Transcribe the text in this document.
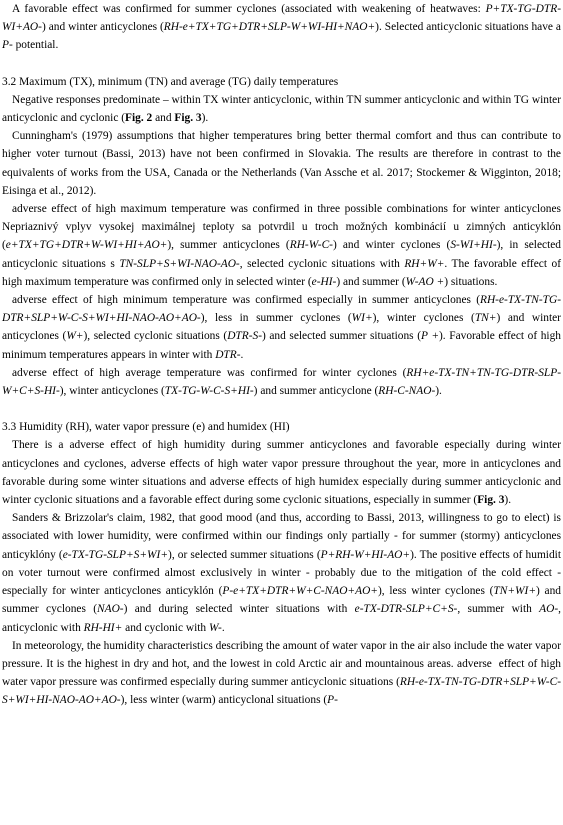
A favorable effect was confirmed for summer cyclones (associated with weakening of heatwaves: P+TX-TG-DTR-WI+AO-) and winter anticyclones (RH-e+TX+TG+DTR+SLP-W+WI-HI+NAO+). Selected anticyclonic situations have a P- potential.

3.2 Maximum (TX), minimum (TN) and average (TG) daily temperatures

Negative responses predominate – within TX winter anticyclonic, within TN summer anticyclonic and within TG winter anticyclonic and cyclonic (Fig. 2 and Fig. 3).

Cunningham's (1979) assumptions that higher temperatures bring better thermal comfort and thus can contribute to higher voter turnout (Bassi, 2013) have not been confirmed in Slovakia. The results are therefore in contrast to the equivalents of works from the USA, Canada or the Netherlands (Van Assche et al. 2017; Stockemer & Wigginton, 2018; Eisinga et al., 2012).

adverse effect of high maximum temperature was confirmed in three possible combinations for winter anticyclones Nepriaznivý vplyv vysokej maximálnej teploty sa potvrdil u troch možných kombinácií u zimných anticyklón (e+TX+TG+DTR+W-WI+HI+AO+), summer anticyclones (RH-W-C-) and winter cyclones (S-WI+HI-), in selected anticyclonic situations s TN-SLP+S+WI-NAO-AO-, selected cyclonic situations with RH+W+. The favorable effect of high maximum temperature was confirmed only in selected winter (e-HI-) and summer (W-AO +) situations.

adverse effect of high minimum temperature was confirmed especially in summer anticyclones (RH-e-TX-TN-TG-DTR+SLP+W-C-S+WI+HI-NAO-AO+AO-), less in summer cyclones (WI+), winter cyclones (TN+) and winter anticyclones (W+), selected cyclonic situations (DTR-S-) and selected summer situations (P +). Favorable effect of high minimum temperatures appears in winter with DTR-.

adverse effect of high average temperature was confirmed for winter cyclones (RH+e-TX-TN+TN-TG-DTR-SLP-W+C+S-HI-), winter anticyclones (TX-TG-W-C-S+HI-) and summer anticyclone (RH-C-NAO-).

3.3 Humidity (RH), water vapor pressure (e) and humidex (HI)

There is a adverse effect of high humidity during summer anticyclones and favorable especially during winter anticyclones and cyclones, adverse effects of high water vapor pressure throughout the year, more in anticyclones and favorable during some winter situations and adverse effects of high humidex especially during summer anticyclonic and winter cyclonic situations and a favorable effect during some cyclonic situations, especially in summer (Fig. 3).

Sanders & Brizzolar's claim, 1982, that good mood (and thus, according to Bassi, 2013, willingness to go to elect) is associated with lower humidity, were confirmed within our findings only partially - for summer (stormy) anticyclones anticyklóny (e-TX-TG-SLP+S+WI+), or selected summer situations (P+RH-W+HI-AO+). The positive effects of humidit on voter turnout were confirmed almost exclusively in winter - probably due to the mitigation of the cold effect - especially for winter anticyclones anticyklón (P-e+TX+DTR+W+C-NAO+AO+), less winter cyclones (TN+WI+) and summer cyclones (NAO-) and during selected winter situations with e-TX-DTR-SLP+C+S-, summer with AO-, anticyclonic with RH-HI+ and cyclonic with W-.

In meteorology, the humidity characteristics describing the amount of water vapor in the air also include the water vapor pressure. It is the highest in dry and hot, and the lowest in cold Arctic air and mountainous areas. adverse  effect of high water vapor pressure was confirmed especially during summer anticyclonic situations (RH-e-TX-TN-TG-DTR+SLP+W-C-S+WI+HI-NAO-AO+AO-), less winter (warm) anticyclonal situations (P-
